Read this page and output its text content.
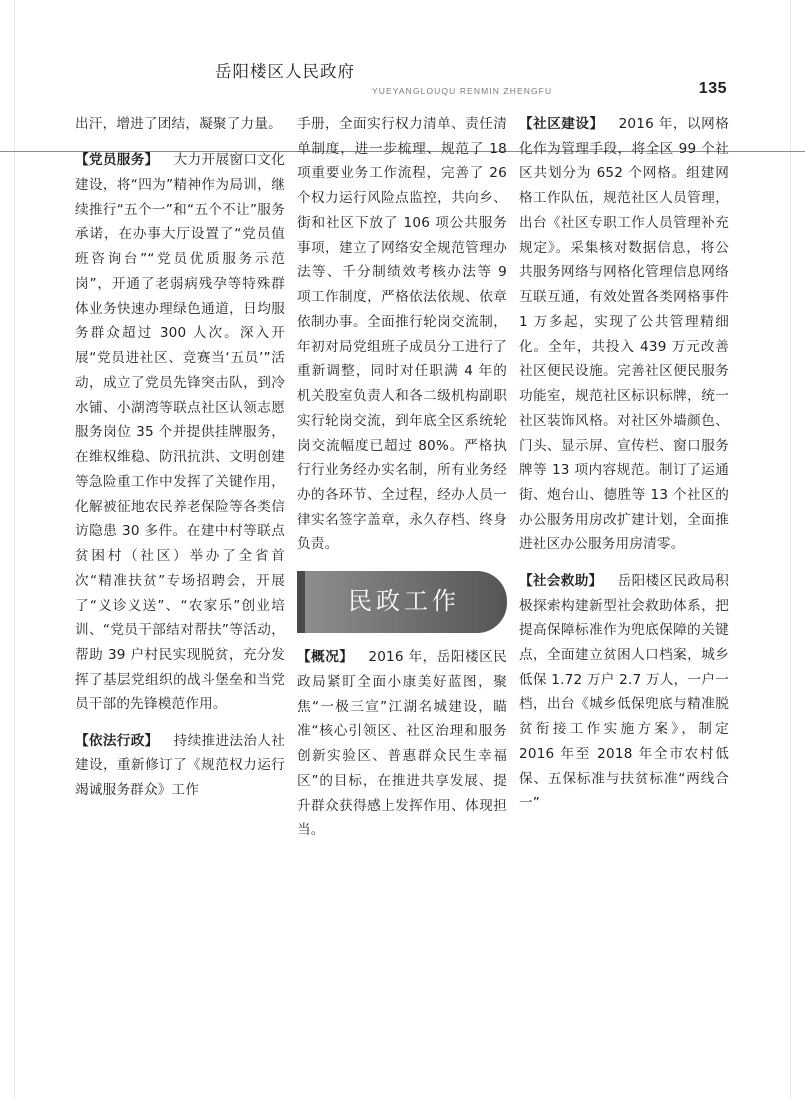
岳阳楼区人民政府
YUEYANGLOUQU RENMIN ZHENGFU	135

出汗，增进了团结，凝聚了力量。

【党员服务】 大力开展窗口文化建设，将“四为”精神作为局训，继续推行“五个一”和“五个不让”服务承诺，在办事大厅设置了“党员值班咨询台”“党员优质服务示范岗”，开通了老弱病残孕等特殊群体业务快速办理绿色通道，日均服务群众超过 300 人次。深入开展“党员进社区、竞赛当‘五员’”活动，成立了党员先锋突击队，到冷水铺、小湖湾等联点社区认领志愿服务岗位 35 个并提供挂牌服务，在维权维稳、防汛抗洪、文明创建等急险重工作中发挥了关键作用，化解被征地农民养老保险等各类信访隐患 30 多件。在建中村等联点贫困村（社区）举办了全省首次“精准扶贫”专场招聘会，开展了“义诊义送”、“农家乐”创业培训、“党员干部结对帮扶”等活动，帮助 39 户村民实现脱贫，充分发挥了基层党组织的战斗堡垒和当党员干部的先锋模范作用。

【依法行政】 持续推进法治人社建设，重新修订了《规范权力运行 竭诚服务群众》工作

手册，全面实行权力清单、责任清单制度，进一步梳理、规范了 18 项重要业务工作流程，完善了 26 个权力运行风险点监控，共向乡、街和社区下放了 106 项公共服务事项，建立了网络安全规范管理办法等、千分制绩效考核办法等 9 项工作制度，严格依法依规、依章依制办事。全面推行轮岗交流制，年初对局党组班子成员分工进行了重新调整，同时对任职满 4 年的机关股室负责人和各二级机构副职实行轮岗交流，到年底全区系统轮岗交流幅度已超过 80%。严格执行行业务经办实名制，所有业务经办的各环节、全过程，经办人员一律实名签字盖章，永久存档、终身负责。

民政工作

【概况】 2016 年，岳阳楼区民政局紧盯全面小康美好蓝图，聚焦“一极三宣”江湖名城建设，瞄准“核心引领区、社区治理和服务创新实验区、普惠群众民生幸福区”的目标，在推进共享发展、提升群众获得感上发挥作用、体现担当。

【社区建设】 2016 年，以网格化作为管理手段，将全区 99 个社区共划分为 652 个网格。组建网格工作队伍，规范社区人员管理，出台《社区专职工作人员管理补充规定》。采集核对数据信息，将公共服务网络与网格化管理信息网络互联互通，有效处置各类网格事件 1 万多起，实现了公共管理精细化。全年，共投入 439 万元改善社区便民设施。完善社区便民服务功能室，规范社区标识标牌，统一社区装饰风格。对社区外墙颜色、门头、显示屏、宣传栏、窗口服务牌等 13 项内容规范。制订了运通街、炮台山、德胜等 13 个社区的办公服务用房改扩建计划，全面推进社区办公服务用房清零。

【社会救助】 岳阳楼区民政局积极探索构建新型社会救助体系，把提高保障标准作为兜底保障的关键点，全面建立贫困人口档案，城乡低保 1.72 万户 2.7 万人，一户一档，出台《城乡低保兜底与精准脱贫衔接工作实施方案》，制定 2016 年至 2018 年全市农村低保、五保标准与扶贫标准“两线合一”
